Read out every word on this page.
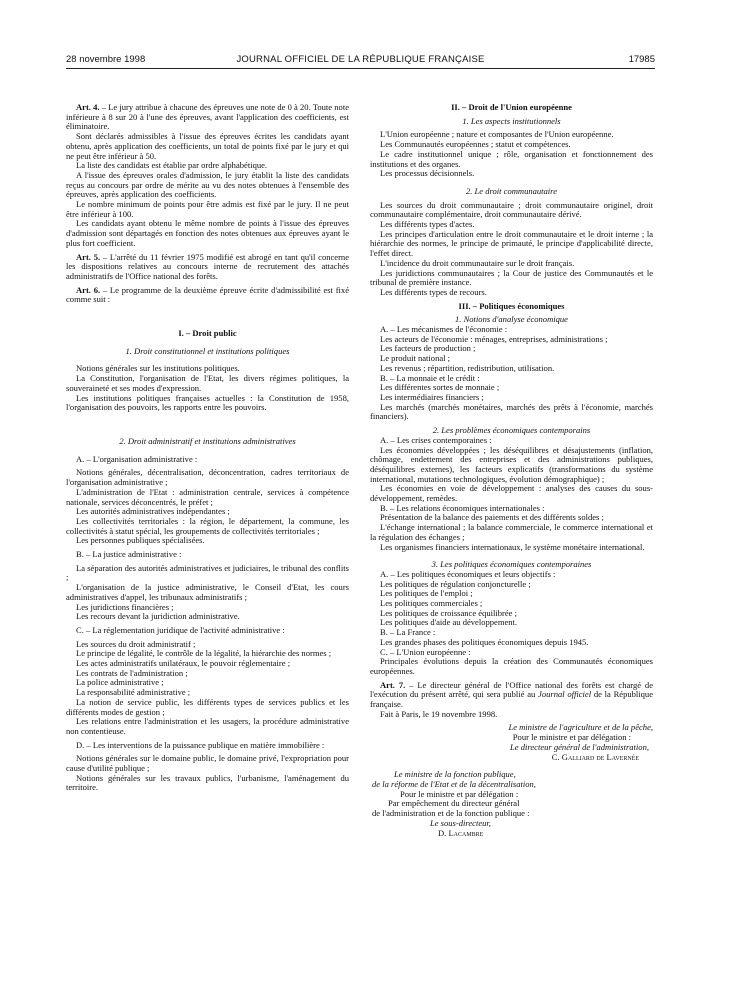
28 novembre 1998	JOURNAL OFFICIEL DE LA RÉPUBLIQUE FRANÇAISE	17985

Art. 4. – Le jury attribue à chacune des épreuves une note de 0 à 20. Toute note inférieure à 8 sur 20 à l'une des épreuves, avant l'application des coefficients, est éliminatoire.

Sont déclarés admissibles à l'issue des épreuves écrites les candidats ayant obtenu, après application des coefficients, un total de points fixé par le jury et qui ne peut être inférieur à 50.

La liste des candidats est établie par ordre alphabétique.

A l'issue des épreuves orales d'admission, le jury établit la liste des candidats reçus au concours par ordre de mérite au vu des notes obtenues à l'ensemble des épreuves, après application des coefficients.

Le nombre minimum de points pour être admis est fixé par le jury. Il ne peut être inférieur à 100.

Les candidats ayant obtenu le même nombre de points à l'issue des épreuves d'admission sont départagés en fonction des notes obtenues aux épreuves ayant le plus fort coefficient.

Art. 5. – L'arrêté du 11 février 1975 modifié est abrogé en tant qu'il concerne les dispositions relatives au concours interne de recrutement des attachés administratifs de l'Office national des forêts.

Art. 6. – Le programme de la deuxième épreuve écrite d'admissibilité est fixé comme suit :

I. – Droit public

1. Droit constitutionnel et institutions politiques

Notions générales sur les institutions politiques.

La Constitution, l'organisation de l'Etat, les divers régimes politiques, la souveraineté et ses modes d'expression.

Les institutions politiques françaises actuelles : la Constitution de 1958, l'organisation des pouvoirs, les rapports entre les pouvoirs.

2. Droit administratif et institutions administratives

A. – L'organisation administrative :

Notions générales, décentralisation, déconcentration, cadres territoriaux de l'organisation administrative ;

L'administration de l'Etat : administration centrale, services à compétence nationale, services déconcentrés, le préfet ;

Les autorités administratives indépendantes ;

Les collectivités territoriales : la région, le département, la commune, les collectivités à statut spécial, les groupements de collectivités territoriales ;

Les personnes publiques spécialisées.

B. – La justice administrative :

La séparation des autorités administratives et judiciaires, le tribunal des conflits ;

L'organisation de la justice administrative, le Conseil d'Etat, les cours administratives d'appel, les tribunaux administratifs ;

Les juridictions financières ;

Les recours devant la juridiction administrative.

C. – La réglementation juridique de l'activité administrative :

Les sources du droit administratif ;

Le principe de légalité, le contrôle de la légalité, la hiérarchie des normes ;

Les actes administratifs unilatéraux, le pouvoir réglementaire ;

Les contrats de l'administration ;

La police administrative ;

La responsabilité administrative ;

La notion de service public, les différents types de services publics et les différents modes de gestion ;

Les relations entre l'administration et les usagers, la procédure administrative non contentieuse.

D. – Les interventions de la puissance publique en matière immobilière :

Notions générales sur le domaine public, le domaine privé, l'expropriation pour cause d'utilité publique ;

Notions générales sur les travaux publics, l'urbanisme, l'aménagement du territoire.

II. – Droit de l'Union européenne

1. Les aspects institutionnels

L'Union européenne ; nature et composantes de l'Union européenne.

Les Communautés européennes ; statut et compétences.

Le cadre institutionnel unique ; rôle, organisation et fonctionnement des institutions et des organes.

Les processus décisionnels.

2. Le droit communautaire

Les sources du droit communautaire ; droit communautaire originel, droit communautaire complémentaire, droit communautaire dérivé.

Les différents types d'actes.

Les principes d'articulation entre le droit communautaire et le droit interne ; la hiérarchie des normes, le principe de primauté, le principe d'applicabilité directe, l'effet direct.

L'incidence du droit communautaire sur le droit français.

Les juridictions communautaires ; la Cour de justice des Communautés et le tribunal de première instance.

Les différents types de recours.

III. – Politiques économiques

1. Notions d'analyse économique

A. – Les mécanismes de l'économie :

Les acteurs de l'économie : ménages, entreprises, administrations ;

Les facteurs de production ;

Le produit national ;

Les revenus ; répartition, redistribution, utilisation.

B. – La monnaie et le crédit :

Les différentes sortes de monnaie ;

Les intermédiaires financiers ;

Les marchés (marchés monétaires, marchés des prêts à l'économie, marchés financiers).

2. Les problèmes économiques contemporains

A. – Les crises contemporaines :

Les économies développées ; les déséquilibres et désajustements (inflation, chômage, endettement des entreprises et des administrations publiques, déséquilibres externes), les facteurs explicatifs (transformations du système international, mutations technologiques, évolution démographique) ;

Les économies en voie de développement : analyses des causes du sous-développement, remèdes.

B. – Les relations économiques internationales :

Présentation de la balance des paiements et des différents soldes ;

L'échange international ; la balance commerciale, le commerce international et la régulation des échanges ;

Les organismes financiers internationaux, le système monétaire international.

3. Les politiques économiques contemporaines

A. – Les politiques économiques et leurs objectifs :

Les politiques de régulation conjoncturelle ;

Les politiques de l'emploi ;

Les politiques commerciales ;

Les politiques de croissance équilibrée ;

Les politiques d'aide au développement.

B. – La France :

Les grandes phases des politiques économiques depuis 1945.

C. – L'Union européenne :

Principales évolutions depuis la création des Communautés économiques européennes.

Art. 7. – Le directeur général de l'Office national des forêts est chargé de l'exécution du présent arrêté, qui sera publié au Journal officiel de la République française.

Fait à Paris, le 19 novembre 1998.

Le ministre de l'agriculture et de la pêche,

Pour le ministre et par délégation :

Le directeur général de l'administration,

C. Galliard de Lavernée

Le ministre de la fonction publique,

de la réforme de l'Etat et de la décentralisation,

Pour le ministre et par délégation :

Par empêchement du directeur général

de l'administration et de la fonction publique :

Le sous-directeur,

D. Lacambre
